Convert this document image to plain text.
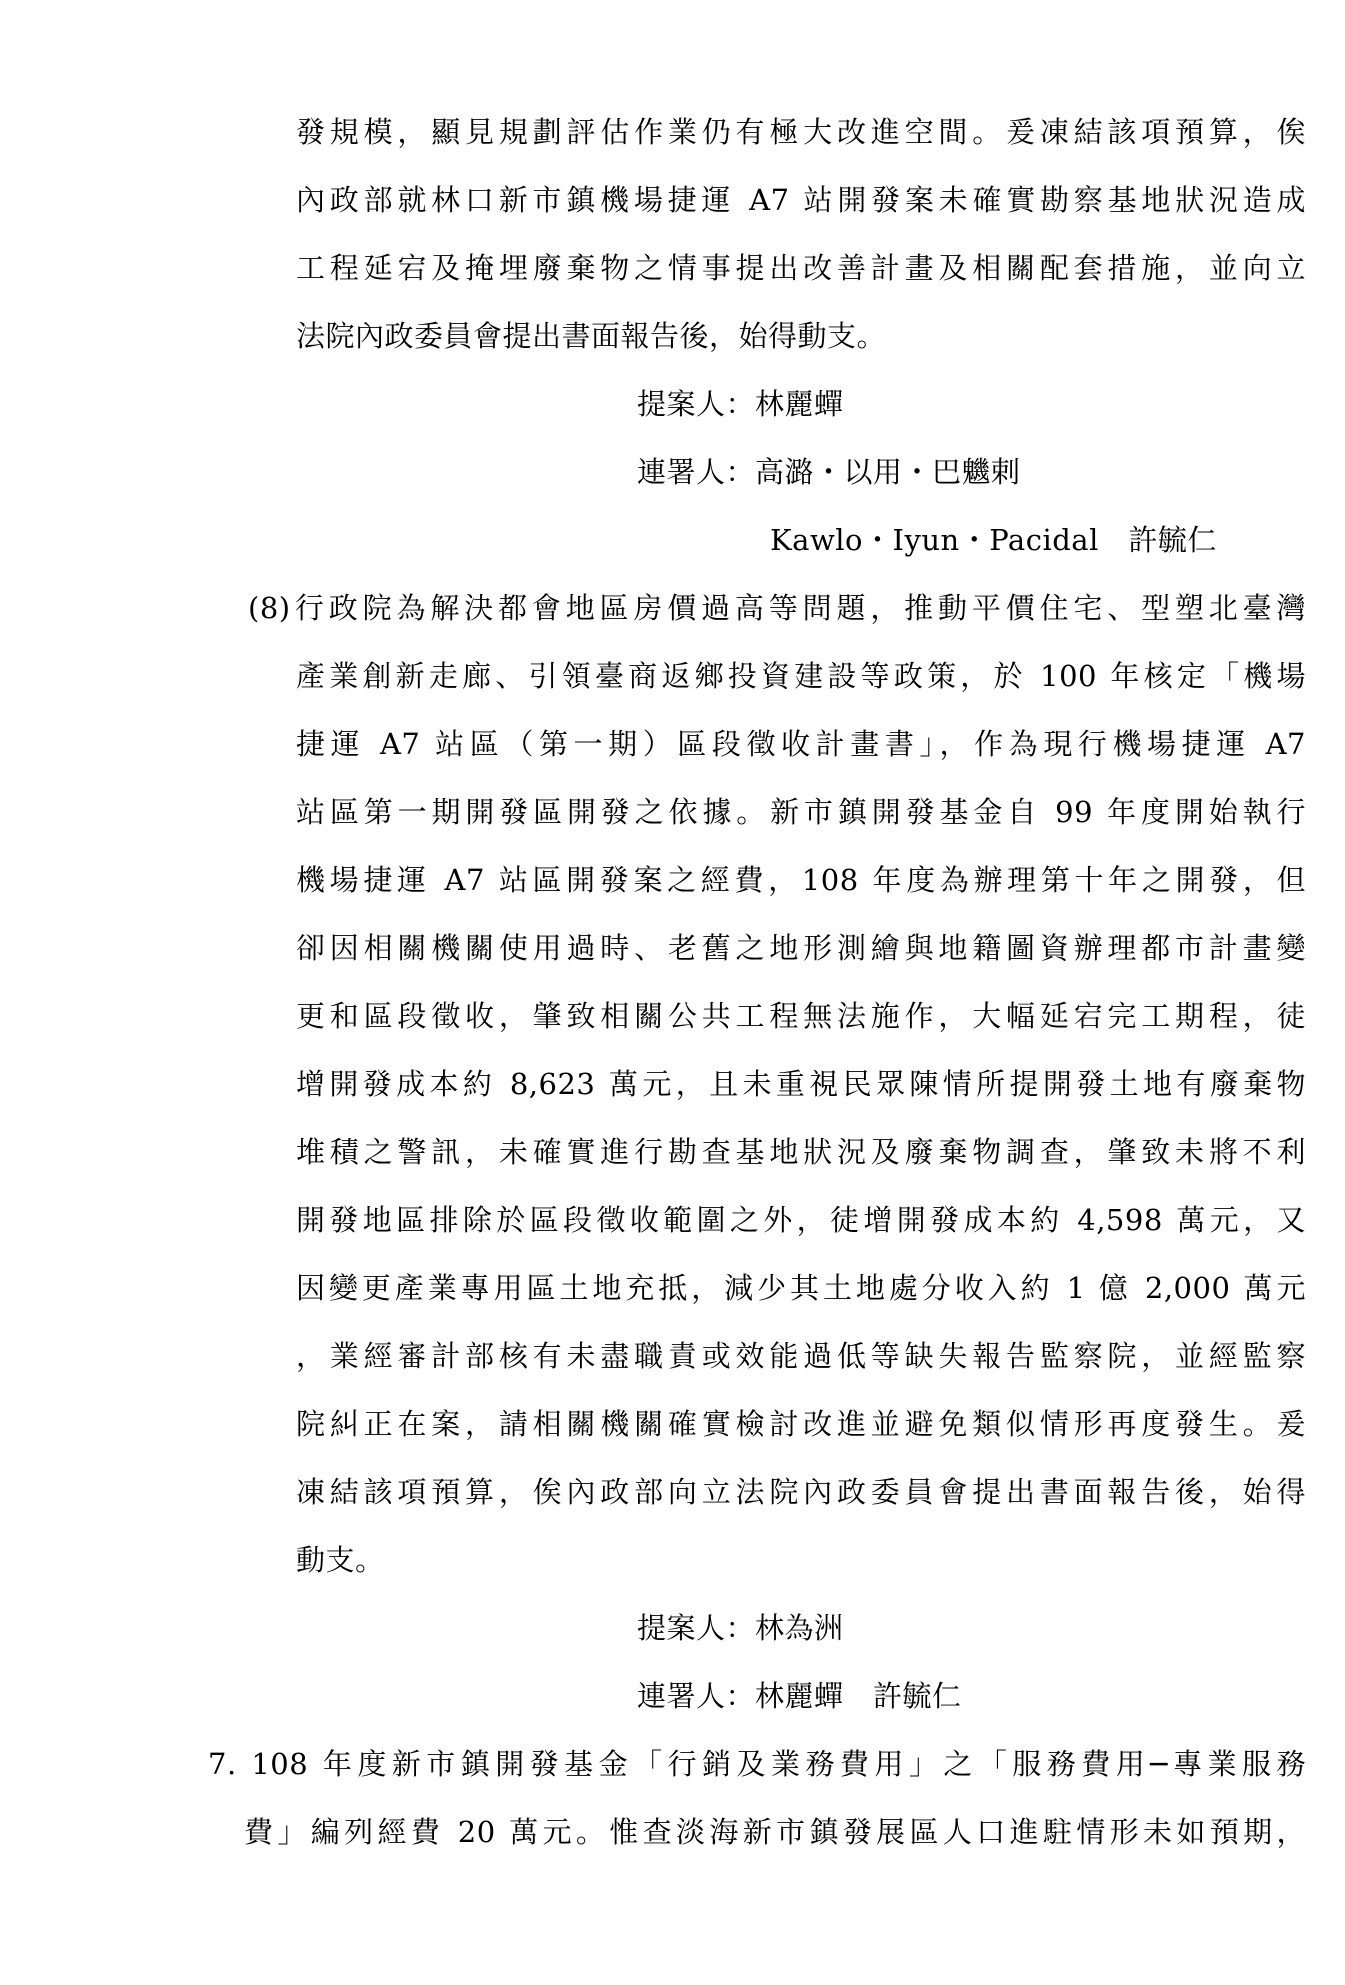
發規模，顯見規劃評估作業仍有極大改進空間。爰凍結該項預算，俟
內政部就林口新市鎮機場捷運 A7 站開發案未確實勘察基地狀況造成
工程延宕及掩埋廢棄物之情事提出改善計畫及相關配套措施，並向立
法院內政委員會提出書面報告後，始得動支。
提案人：林麗蟬
連署人：高潞・以用・巴魕剌
Kawlo・Iyun・Pacidal　許毓仁
(8)行政院為解決都會地區房價過高等問題，推動平價住宅、型塑北臺灣
產業創新走廊、引領臺商返鄉投資建設等政策，於 100 年核定「機場
捷運 A7 站區（第一期）區段徵收計畫書」，作為現行機場捷運 A7
站區第一期開發區開發之依據。新市鎮開發基金自 99 年度開始執行
機場捷運 A7 站區開發案之經費，108 年度為辦理第十年之開發，但
卻因相關機關使用過時、老舊之地形測繪與地籍圖資辦理都市計畫變
更和區段徵收，肇致相關公共工程無法施作，大幅延宕完工期程，徒
增開發成本約 8,623 萬元，且未重視民眾陳情所提開發土地有廢棄物
堆積之警訊，未確實進行勘查基地狀況及廢棄物調查，肇致未將不利
開發地區排除於區段徵收範圍之外，徒增開發成本約 4,598 萬元，又
因變更產業專用區土地充抵，減少其土地處分收入約 1 億 2,000 萬元
，業經審計部核有未盡職責或效能過低等缺失報告監察院，並經監察
院糾正在案，請相關機關確實檢討改進並避免類似情形再度發生。爰
凍結該項預算，俟內政部向立法院內政委員會提出書面報告後，始得
動支。
提案人：林為洲
連署人：林麗蟬　許毓仁
7. 108 年度新市鎮開發基金「行銷及業務費用」之「服務費用─專業服務
費」編列經費 20 萬元。惟查淡海新市鎮發展區人口進駐情形未如預期，
